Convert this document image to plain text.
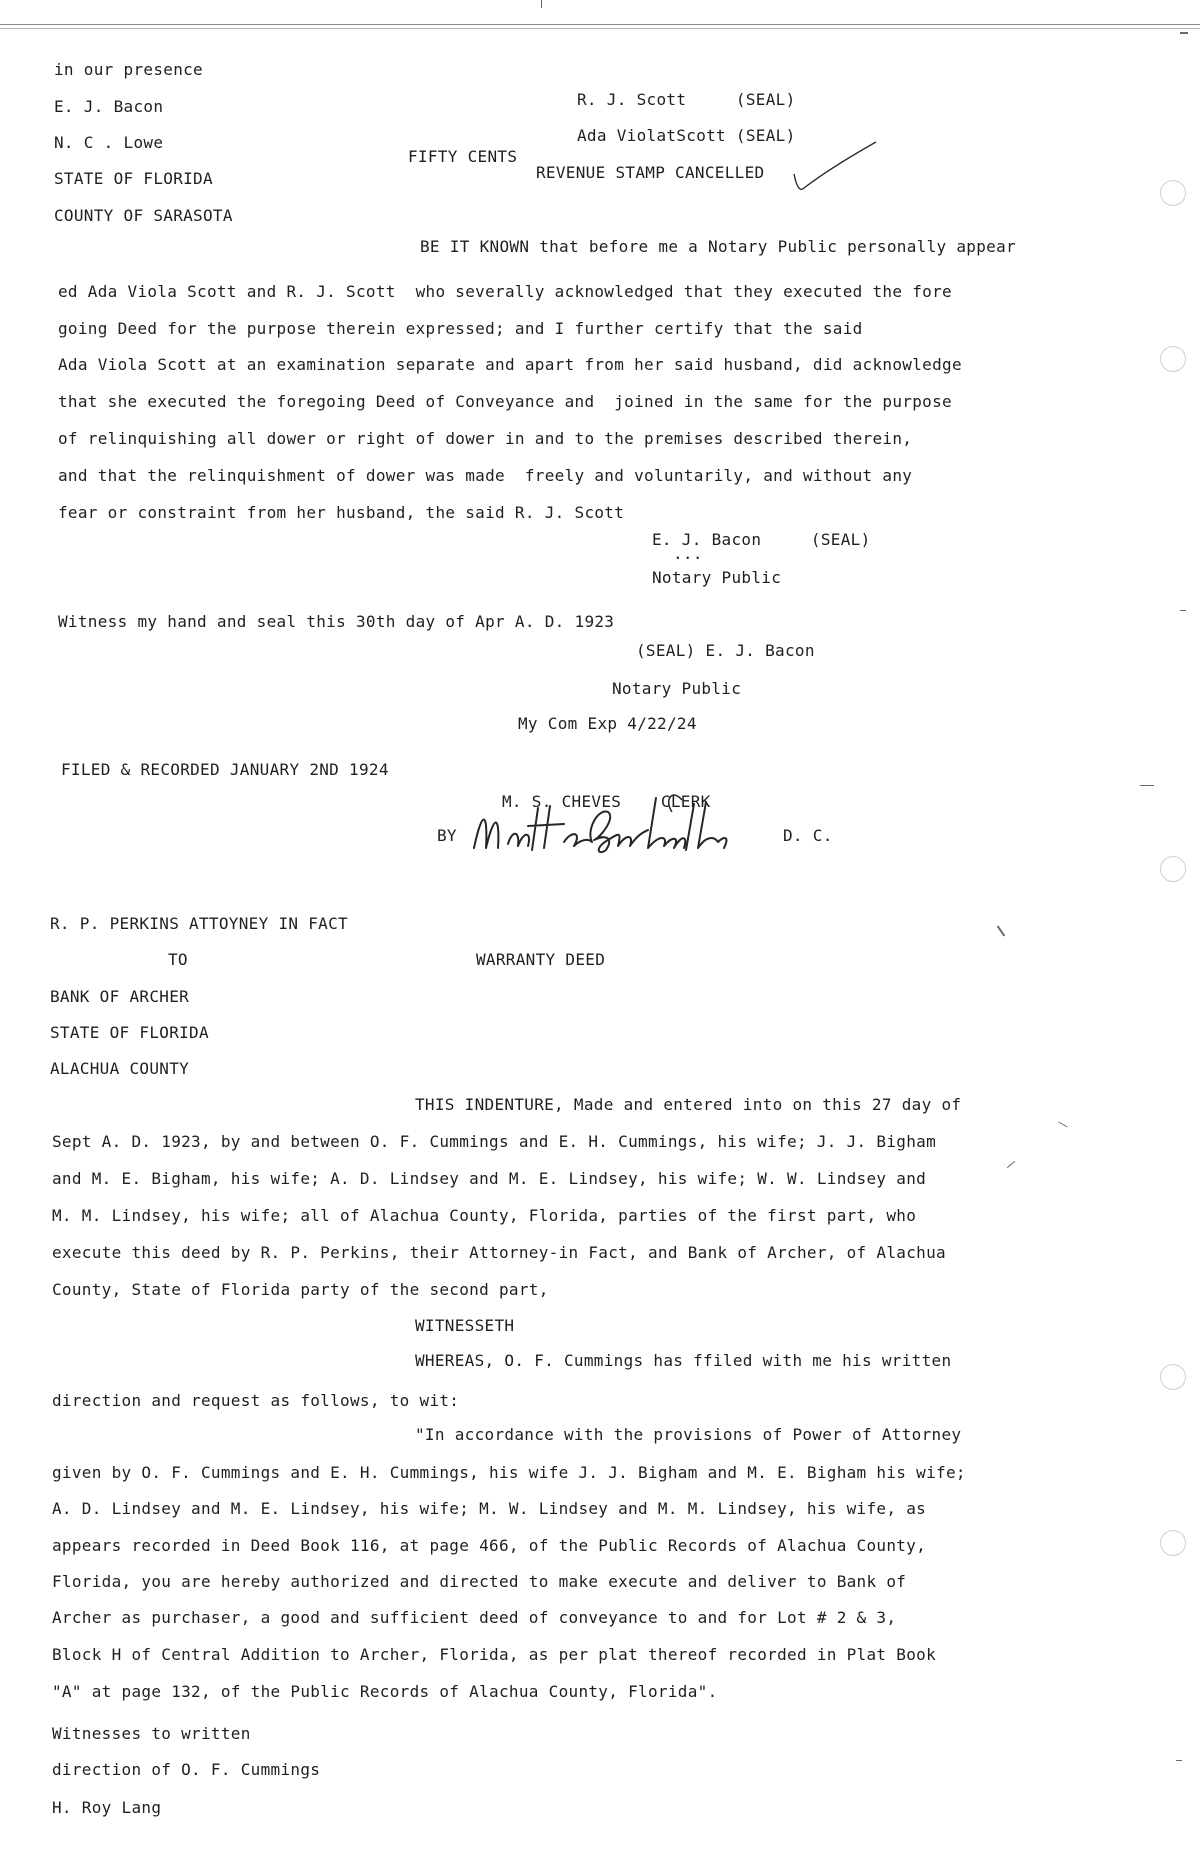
in our presence
E. J. Bacon
N. C . Lowe
STATE OF FLORIDA
COUNTY OF SARASOTA
R. J. Scott     (SEAL)
Ada ViolatScott (SEAL)
FIFTY CENTS
REVENUE STAMP CANCELLED
BE IT KNOWN that before me a Notary Public personally appear
ed Ada Viola Scott and R. J. Scott  who severally acknowledged that they executed the fore
going Deed for the purpose therein expressed; and I further certify that the said
Ada Viola Scott at an examination separate and apart from her said husband, did acknowledge
that she executed the foregoing Deed of Conveyance and  joined in the same for the purpose
of relinquishing all dower or right of dower in and to the premises described therein,
and that the relinquishment of dower was made  freely and voluntarily, and without any
fear or constraint from her husband, the said R. J. Scott
E. J. Bacon     (SEAL)
...
Notary Public
Witness my hand and seal this 30th day of Apr A. D. 1923
(SEAL) E. J. Bacon
Notary Public
My Com Exp 4/22/24
FILED & RECORDED JANUARY 2ND 1924
M. S. CHEVES    CLERK
BY	D. C.
R. P. PERKINS ATTOYNEY IN FACT
TO	WARRANTY DEED
BANK OF ARCHER
STATE OF FLORIDA
ALACHUA COUNTY
THIS INDENTURE, Made and entered into on this 27 day of
Sept A. D. 1923, by and between O. F. Cummings and E. H. Cummings, his wife; J. J. Bigham
and M. E. Bigham, his wife; A. D. Lindsey and M. E. Lindsey, his wife; W. W. Lindsey and
M. M. Lindsey, his wife; all of Alachua County, Florida, parties of the first part, who
execute this deed by R. P. Perkins, their Attorney-in Fact, and Bank of Archer, of Alachua
County, State of Florida party of the second part,
WITNESSETH
WHEREAS, O. F. Cummings has ffiled with me his written
direction and request as follows, to wit:
"In accordance with the provisions of Power of Attorney
given by O. F. Cummings and E. H. Cummings, his wife J. J. Bigham and M. E. Bigham his wife;
A. D. Lindsey and M. E. Lindsey, his wife; M. W. Lindsey and M. M. Lindsey, his wife, as
appears recorded in Deed Book 116, at page 466, of the Public Records of Alachua County,
Florida, you are hereby authorized and directed to make execute and deliver to Bank of
Archer as purchaser, a good and sufficient deed of conveyance to and for Lot # 2 & 3,
Block H of Central Addition to Archer, Florida, as per plat thereof recorded in Plat Book
"A" at page 132, of the Public Records of Alachua County, Florida".
Witnesses to written
direction of O. F. Cummings
H. Roy Lang
